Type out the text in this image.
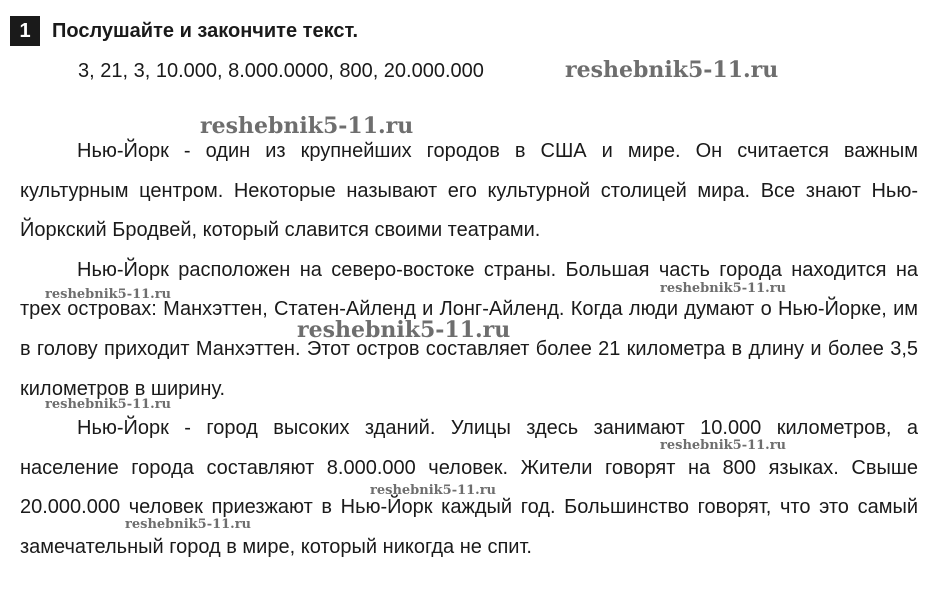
1	Послушайте и закончите текст.
3, 21, 3, 10.000, 8.000.0000, 800, 20.000.000

Нью-Йорк - один из крупнейших городов в США и мире. Он считается важным культурным центром. Некоторые называют его культурной столицей мира. Все знают Нью-Йоркский Бродвей, который славится своими театрами.

Нью-Йорк расположен на северо-востоке страны. Большая часть города находится на трех островах: Манхэттен, Статен-Айленд и Лонг-Айленд. Когда люди думают о Нью-Йорке, им в голову приходит Манхэттен. Этот остров составляет более 21 километра в длину и более 3,5 километров в ширину.

Нью-Йорк - город высоких зданий. Улицы здесь занимают 10.000 километров, а население города составляют 8.000.000 человек. Жители говорят на 800 языках. Свыше 20.000.000 человек приезжают в Нью-Йорк каждый год. Большинство говорят, что это самый замечательный город в мире, который никогда не спит.

reshebnik5-11.ru
reshebnik5-11.ru
reshebnik5-11.ru	reshebnik5-11.ru
reshebnik5-11.ru
reshebnik5-11.ru
reshebnik5-11.ru
reshebnik5-11.ru
reshebnik5-11.ru
